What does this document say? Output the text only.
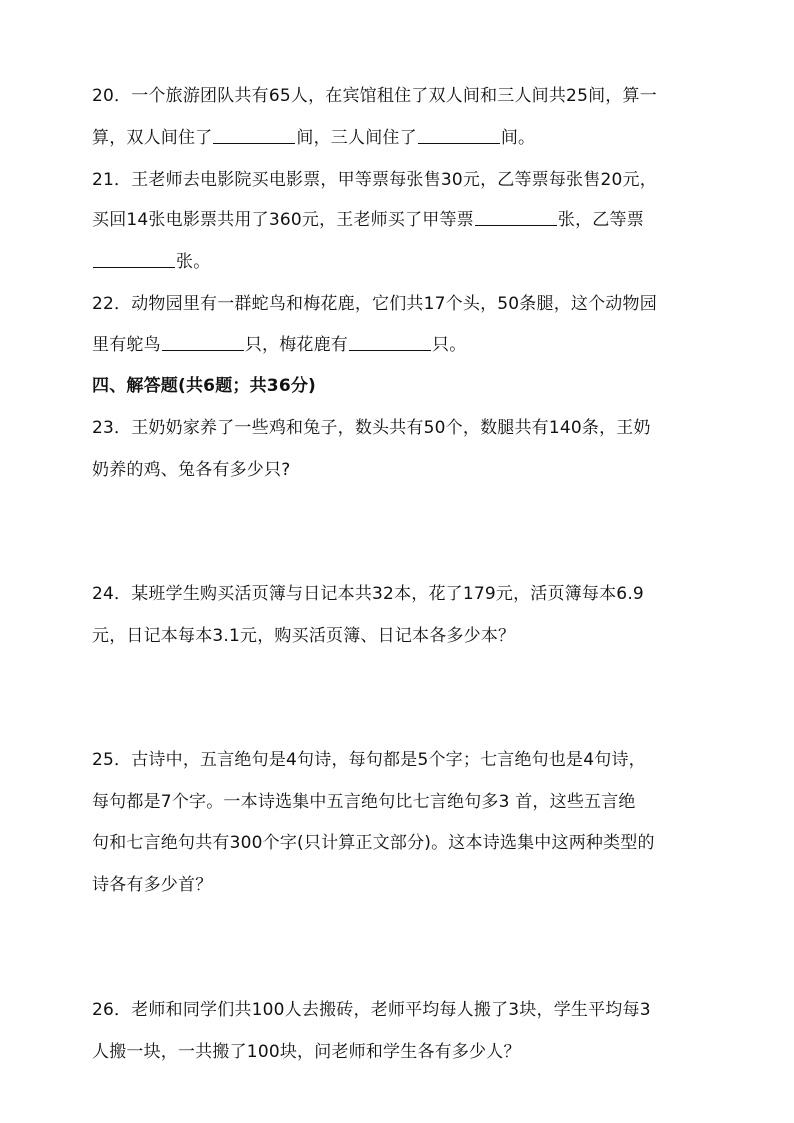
20．一个旅游团队共有65人，在宾馆租住了双人间和三人间共25间，算一
算，双人间住了	间，三人间住了	间。
21．王老师去电影院买电影票，甲等票每张售30元，乙等票每张售20元，
买回14张电影票共用了360元，王老师买了甲等票	张，乙等票
张。
22．动物园里有一群蛇鸟和梅花鹿，它们共17个头，50条腿，这个动物园
里有鸵鸟	只，梅花鹿有	只。
四、解答题(共6题；共36分)
23．王奶奶家养了一些鸡和兔子，数头共有50个，数腿共有140条，王奶
奶养的鸡、兔各有多少只?
24．某班学生购买活页簿与日记本共32本，花了179元，活页簿每本6.9
元，日记本每本3.1元，购买活页簿、日记本各多少本？
25．古诗中，五言绝句是4句诗，每句都是5个字；七言绝句也是4句诗，
每句都是7个字。一本诗选集中五言绝句比七言绝句多3 首，这些五言绝
句和七言绝句共有300个字(只计算正文部分)。这本诗选集中这两种类型的
诗各有多少首？
26．老师和同学们共100人去搬砖，老师平均每人搬了3块，学生平均每3
人搬一块，一共搬了100块，问老师和学生各有多少人？
